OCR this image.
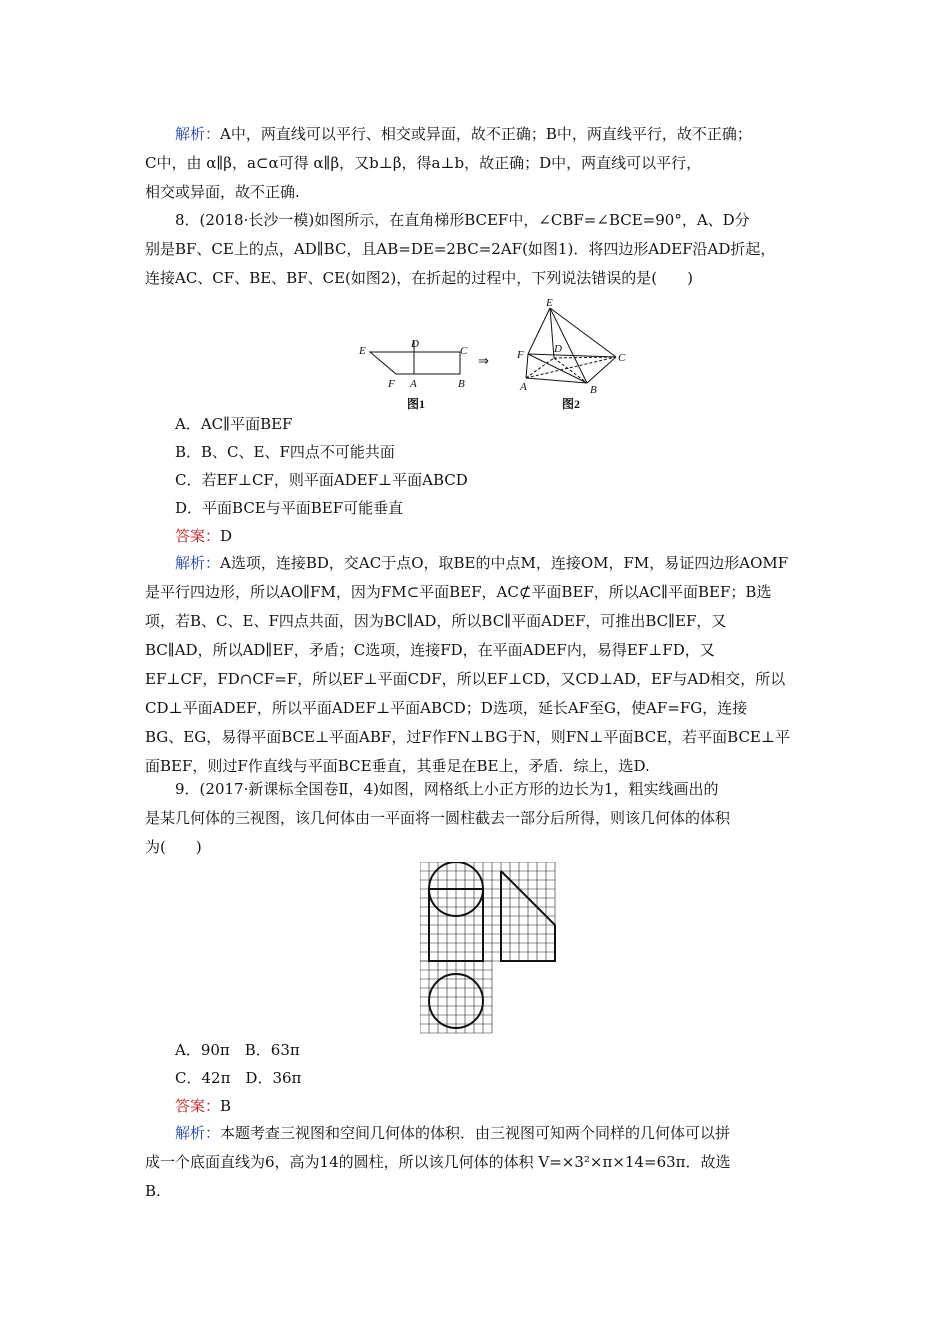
解析：A中，两直线可以平行、相交或异面，故不正确；B中，两直线平行，故不正确；
C中，由 α∥β，a⊂α可得 α∥β，又b⊥β，得a⊥b，故正确；D中，两直线可以平行，
相交或异面，故不正确.
8．(2018·长沙一模)如图所示，在直角梯形BCEF中，∠CBF=∠BCE=90°，A、D分
别是BF、CE上的点，AD∥BC，且AB=DE=2BC=2AF(如图1)．将四边形ADEF沿AD折起，
连接AC、CF、BE、BF、CE(如图2)，在折起的过程中，下列说法错误的是(　　)
E
D
C
F A	B
图1
⇒
E
F	D
C
A	B
图2
A．AC∥平面BEF
B．B、C、E、F四点不可能共面
C．若EF⊥CF，则平面ADEF⊥平面ABCD
D．平面BCE与平面BEF可能垂直
答案：D
解析：A选项，连接BD，交AC于点O，取BE的中点M，连接OM，FM，易证四边形AOMF
是平行四边形，所以AO∥FM，因为FM⊂平面BEF，AC⊄平面BEF，所以AC∥平面BEF；B选
项，若B、C、E、F四点共面，因为BC∥AD，所以BC∥平面ADEF，可推出BC∥EF，又
BC∥AD，所以AD∥EF，矛盾；C选项，连接FD，在平面ADEF内，易得EF⊥FD，又
EF⊥CF，FD∩CF=F，所以EF⊥平面CDF，所以EF⊥CD，又CD⊥AD，EF与AD相交，所以
CD⊥平面ADEF，所以平面ADEF⊥平面ABCD；D选项，延长AF至G，使AF=FG，连接
BG、EG，易得平面BCE⊥平面ABF，过F作FN⊥BG于N，则FN⊥平面BCE，若平面BCE⊥平
面BEF，则过F作直线与平面BCE垂直，其垂足在BE上，矛盾．综上，选D.
9．(2017·新课标全国卷Ⅱ，4)如图，网格纸上小正方形的边长为1，粗实线画出的
是某几何体的三视图，该几何体由一平面将一圆柱截去一部分后所得，则该几何体的体积
为(　　)
A．90π　B．63π
C．42π　D．36π
答案：B
解析：本题考查三视图和空间几何体的体积．由三视图可知两个同样的几何体可以拼
成一个底面直线为6，高为14的圆柱，所以该几何体的体积 V=×3²×π×14=63π．故选
B.
